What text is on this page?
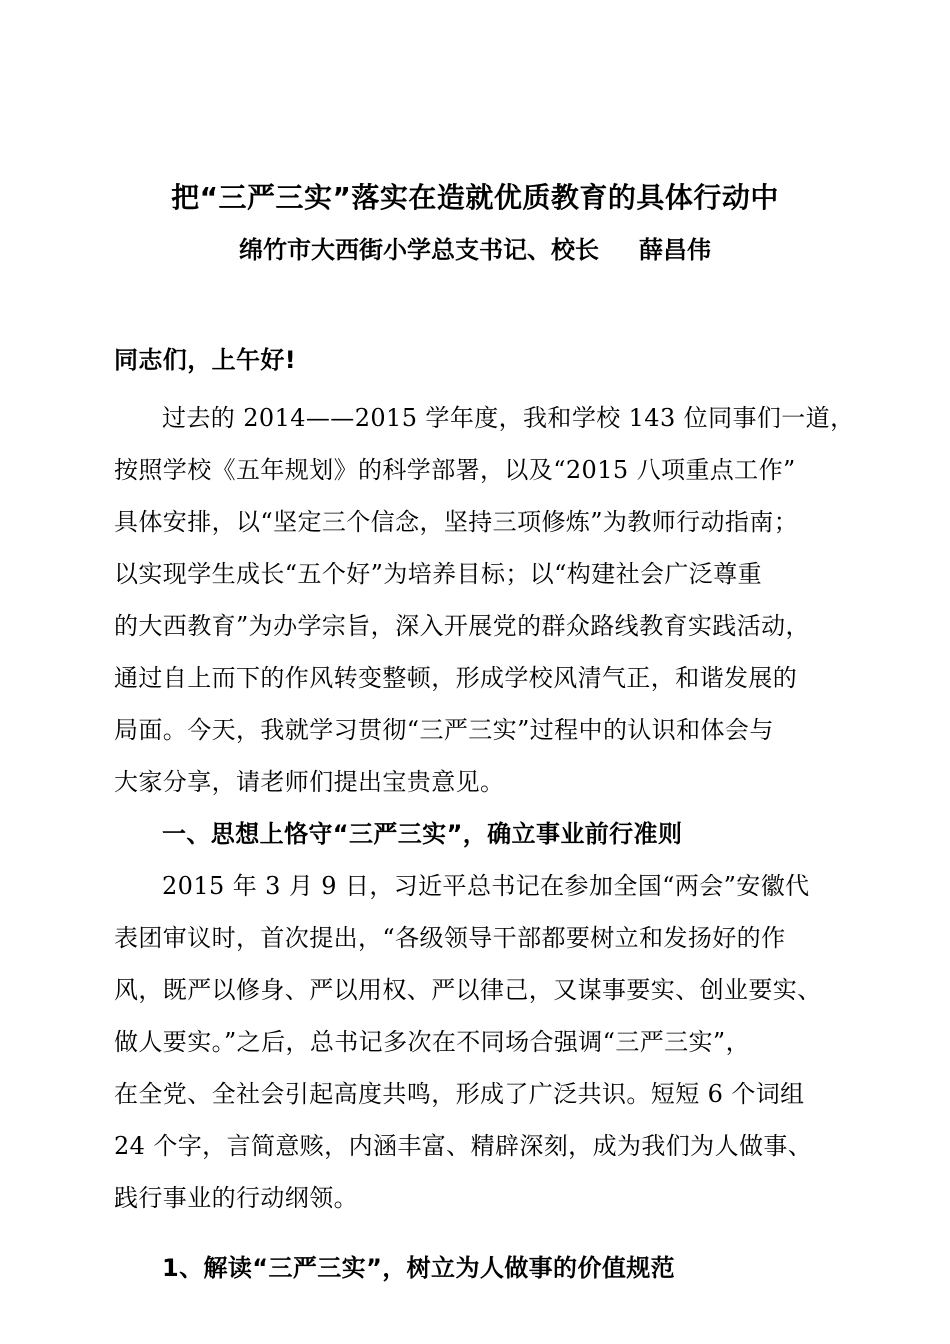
把“三严三实”落实在造就优质教育的具体行动中
绵竹市大西街小学总支书记、校长 薛昌伟
同志们，上午好!
过去的 2014——2015 学年度，我和学校 143 位同事们一道，
按照学校《五年规划》的科学部署，以及“2015 八项重点工作”
具体安排，以“坚定三个信念，坚持三项修炼”为教师行动指南；
以实现学生成长“五个好”为培养目标；以“构建社会广泛尊重
的大西教育”为办学宗旨，深入开展党的群众路线教育实践活动，
通过自上而下的作风转变整顿，形成学校风清气正，和谐发展的
局面。今天，我就学习贯彻“三严三实”过程中的认识和体会与
大家分享，请老师们提出宝贵意见。
一、思想上恪守“三严三实”，确立事业前行准则
2015 年 3 月 9 日，习近平总书记在参加全国“两会”安徽代
表团审议时，首次提出，“各级领导干部都要树立和发扬好的作
风，既严以修身、严以用权、严以律己，又谋事要实、创业要实、
做人要实。”之后，总书记多次在不同场合强调“三严三实”，
在全党、全社会引起高度共鸣，形成了广泛共识。短短 6 个词组
24 个字，言简意赅，内涵丰富、精辟深刻，成为我们为人做事、
践行事业的行动纲领。
1、解读“三严三实”，树立为人做事的价值规范
